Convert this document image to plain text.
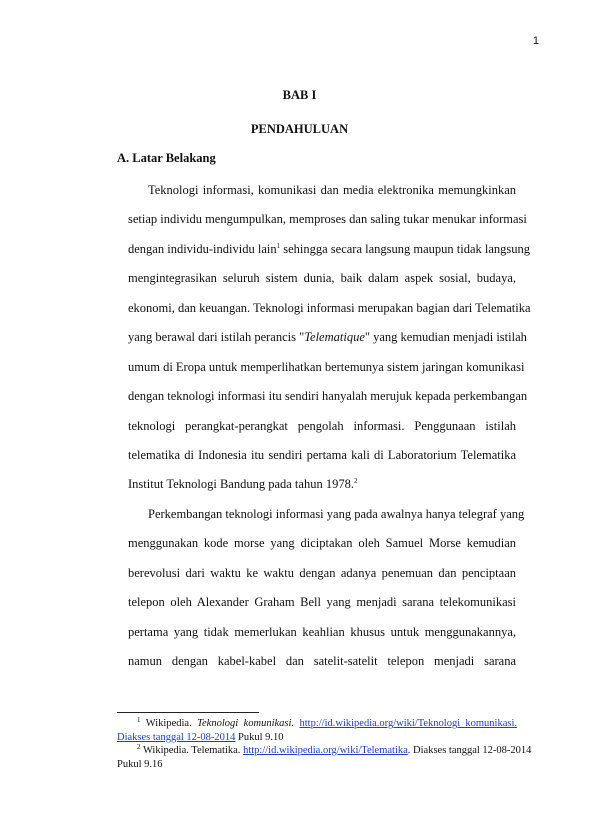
1
BAB I
PENDAHULUAN
A. Latar Belakang
Teknologi informasi, komunikasi dan media elektronika memungkinkan
setiap individu mengumpulkan, memproses dan saling tukar menukar informasi
dengan individu-individu lain$^1$ sehingga secara langsung maupun tidak langsung
mengintegrasikan seluruh sistem dunia, baik dalam aspek sosial, budaya,
ekonomi, dan keuangan. Teknologi informasi merupakan bagian dari Telematika
yang berawal dari istilah perancis "Telematique" yang kemudian menjadi istilah
umum di Eropa untuk memperlihatkan bertemunya sistem jaringan komunikasi
dengan teknologi informasi itu sendiri hanyalah merujuk kepada perkembangan
teknologi perangkat-perangkat pengolah informasi. Penggunaan istilah
telematika di Indonesia itu sendiri pertama kali di Laboratorium Telematika
Institut Teknologi Bandung pada tahun 1978.$^2$
Perkembangan teknologi informasi yang pada awalnya hanya telegraf yang
menggunakan kode morse yang diciptakan oleh Samuel Morse kemudian
berevolusi dari waktu ke waktu dengan adanya penemuan dan penciptaan
telepon oleh Alexander Graham Bell yang menjadi sarana telekomunikasi
pertama yang tidak memerlukan keahlian khusus untuk menggunakannya,
namun dengan kabel-kabel dan satelit-satelit telepon menjadi sarana
$^1$ Wikipedia. Teknologi komunikasi. http://id.wikipedia.org/wiki/Teknologi_komunikasi.
Diakses tanggal 12-08-2014 Pukul 9.10
$^2$ Wikipedia. Telematika. http://id.wikipedia.org/wiki/Telematika. Diakses tanggal 12-08-2014
Pukul 9.16
